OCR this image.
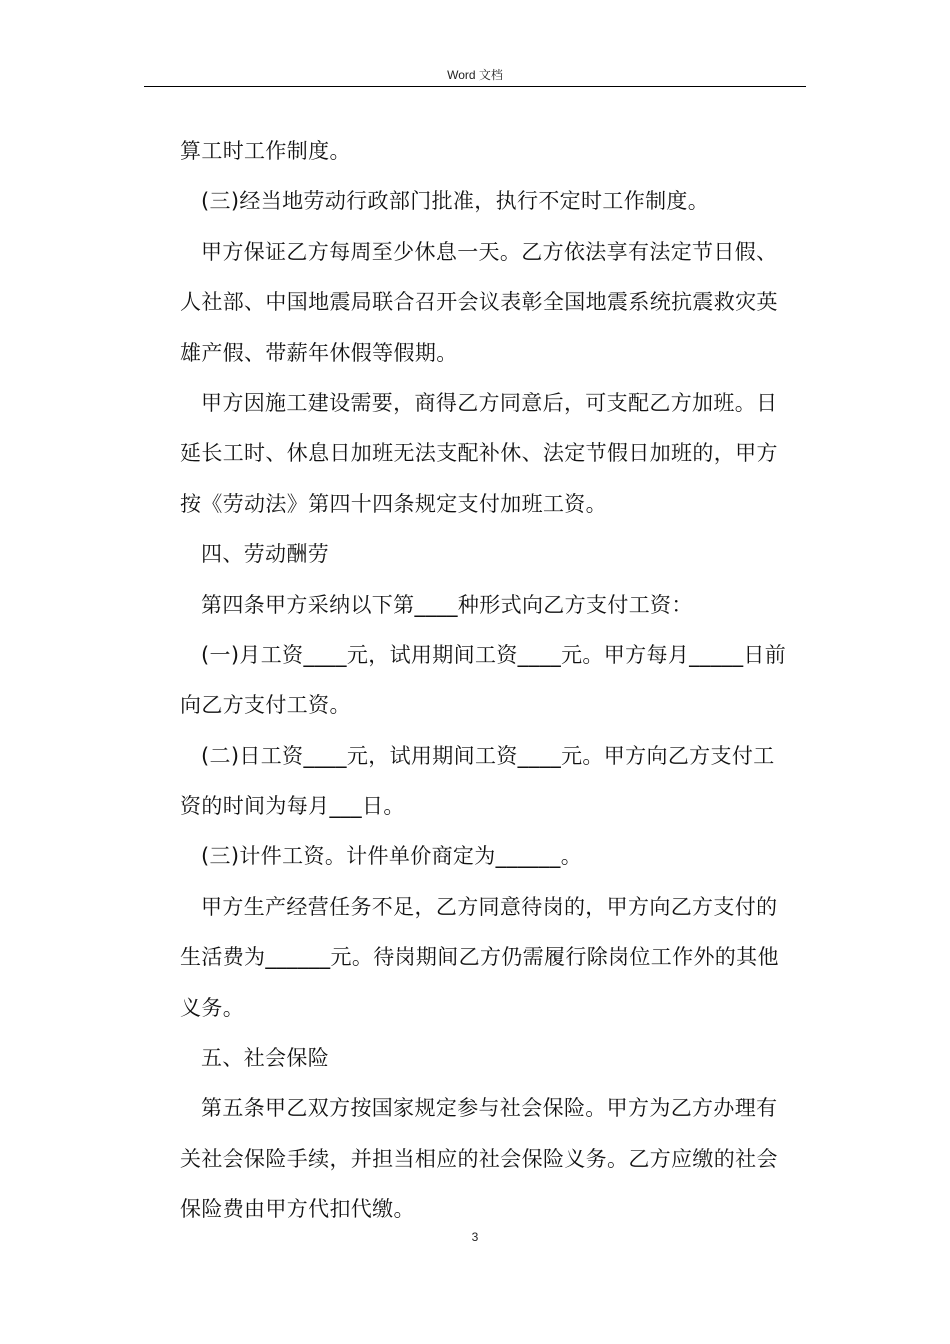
Word 文档
算工时工作制度。
(三)经当地劳动行政部门批准，执行不定时工作制度。
甲方保证乙方每周至少休息一天。乙方依法享有法定节日假、
人社部、中国地震局联合召开会议表彰全国地震系统抗震救灾英
雄产假、带薪年休假等假期。
甲方因施工建设需要，商得乙方同意后，可支配乙方加班。日
延长工时、休息日加班无法支配补休、法定节假日加班的，甲方
按《劳动法》第四十四条规定支付加班工资。
四、劳动酬劳
第四条甲方采纳以下第____种形式向乙方支付工资：
(一)月工资____元，试用期间工资____元。甲方每月_____日前
向乙方支付工资。
(二)日工资____元，试用期间工资____元。甲方向乙方支付工
资的时间为每月___日。
(三)计件工资。计件单价商定为______。
甲方生产经营任务不足，乙方同意待岗的，甲方向乙方支付的
生活费为______元。待岗期间乙方仍需履行除岗位工作外的其他
义务。
五、社会保险
第五条甲乙双方按国家规定参与社会保险。甲方为乙方办理有
关社会保险手续，并担当相应的社会保险义务。乙方应缴的社会
保险费由甲方代扣代缴。
3
